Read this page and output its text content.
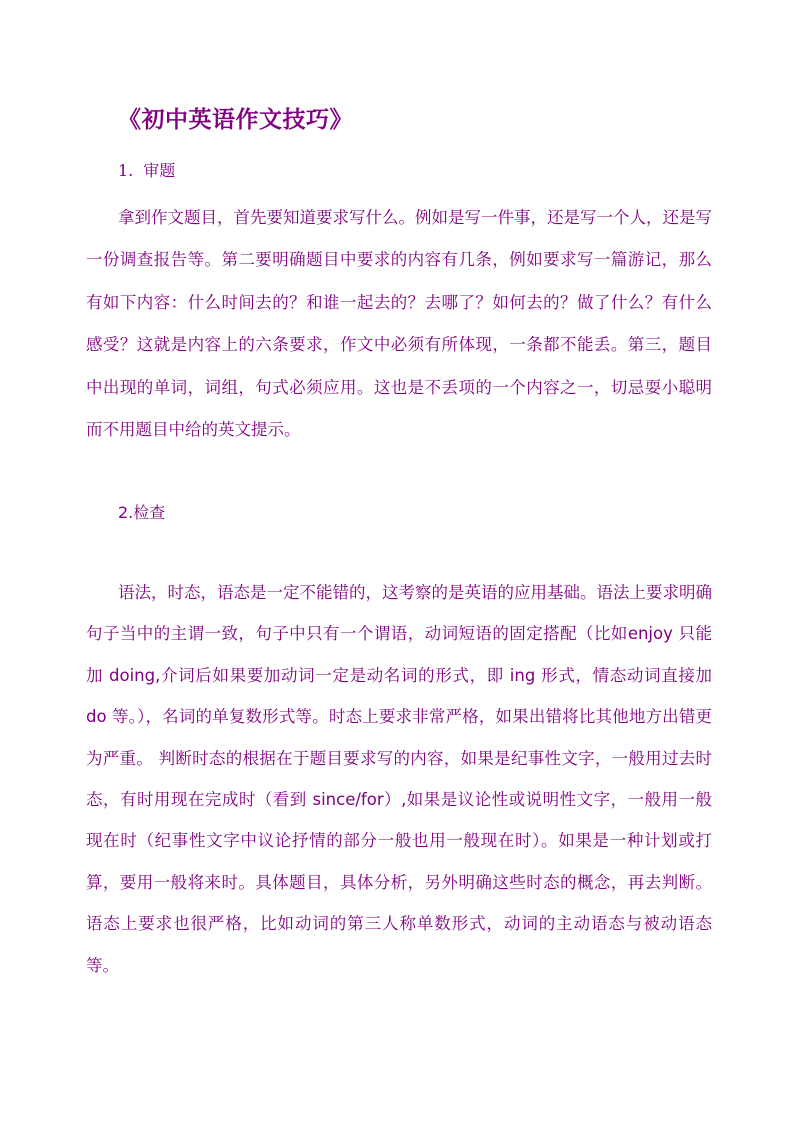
《初中英语作文技巧》
1. 审题

拿到作文题目，首先要知道要求写什么。例如是写一件事，还是写一个人，还是写一份调查报告等。第二要明确题目中要求的内容有几条，例如要求写一篇游记，那么有如下内容：什么时间去的？和谁一起去的？去哪了？如何去的？做了什么？有什么感受？这就是内容上的六条要求，作文中必须有所体现，一条都不能丢。第三，题目中出现的单词，词组，句式必须应用。这也是不丢项的一个内容之一，切忌耍小聪明而不用题目中给的英文提示。

2.检查

语法，时态，语态是一定不能错的，这考察的是英语的应用基础。语法上要求明确句子当中的主谓一致，句子中只有一个谓语，动词短语的固定搭配（比如enjoy 只能加 doing,介词后如果要加动词一定是动名词的形式，即 ing 形式，情态动词直接加 do 等。），名词的单复数形式等。时态上要求非常严格，如果出错将比其他地方出错更为严重。 判断时态的根据在于题目要求写的内容，如果是纪事性文字，一般用过去时态，有时用现在完成时（看到 since/for）,如果是议论性或说明性文字，一般用一般现在时（纪事性文字中议论抒情的部分一般也用一般现在时）。如果是一种计划或打算，要用一般将来时。具体题目，具体分析，另外明确这些时态的概念，再去判断。语态上要求也很严格，比如动词的第三人称单数形式，动词的主动语态与被动语态等。
